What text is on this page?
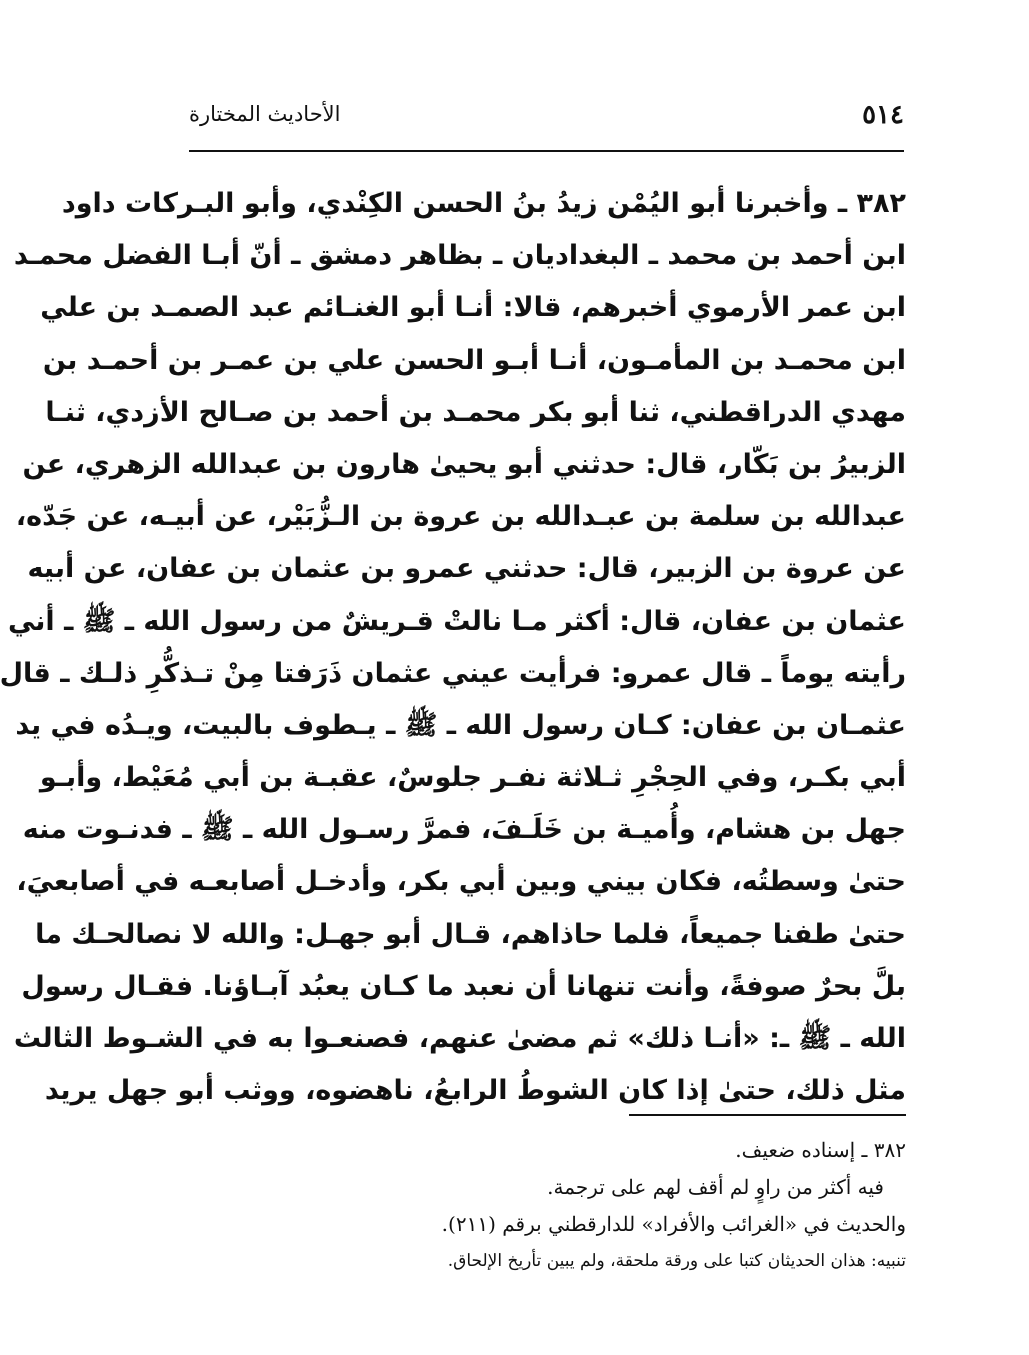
٥١٤
الأحاديث المختارة
٣٨٢ ـ وأخبرنا أبو اليُمْن زيدُ بنُ الحسن الكِنْدي، وأبو البـركات داود
ابن أحمد بن محمد ـ البغداديان ـ بظاهر دمشق ـ أنّ أبـا الفضل محمـد
ابن عمر الأرموي أخبرهم، قالا: أنـا أبو الغنـائم عبد الصمـد بن علي
ابن محمـد بن المأمـون، أنـا أبـو الحسن علي بن عمـر بن أحمـد بن
مهدي الدراقطني، ثنا أبو بكر محمـد بن أحمد بن صـالح الأزدي، ثنـا
الزبيرُ بن بَكّار، قال: حدثني أبو يحيىٰ هارون بن عبدالله الزهري، عن
عبدالله بن سلمة بن عبـدالله بن عروة بن الـزُّبَيْر، عن أبيـه، عن جَدّه،
عن عروة بن الزبير، قال: حدثني عمرو بن عثمان بن عفان، عن أبيه
عثمان بن عفان، قال: أكثر مـا نالتْ قـريشٌ من رسول الله ـ ﷺ ـ أني
رأيته يوماً ـ قال عمرو: فرأيت عيني عثمان ذَرَفتا مِنْ تـذكُّرِ ذلـك ـ قال
عثمـان بن عفان: كـان رسول الله ـ ﷺ ـ يـطوف بالبيت، ويـدُه في يد
أبي بكـر، وفي الحِجْرِ ثـلاثة نفـر جلوسٌ، عقبـة بن أبي مُعَيْط، وأبـو
جهل بن هشام، وأُميـة بن خَلَـفَ، فمرَّ رسـول الله ـ ﷺ ـ فدنـوت منه
حتىٰ وسطتُه، فكان بيني وبين أبي بكر، وأدخـل أصابعـه في أصابعيَ،
حتىٰ طفنا جميعاً، فلما حاذاهم، قـال أبو جهـل: والله لا نصالحـك ما
بلَّ بحرٌ صوفةً، وأنت تنهانا أن نعبد ما كـان يعبُد آبـاؤنا. فقـال رسول
الله ـ ﷺ ـ: «أنـا ذلك» ثم مضىٰ عنهم، فصنعـوا به في الشـوط الثالث
مثل ذلك، حتىٰ إذا كان الشوطُ الرابعُ، ناهضوه، ووثب أبو جهل يريد
٣٨٢ ـ إسناده ضعيف.
فيه أكثر من راوٍ لم أقف لهم على ترجمة.
والحديث في «الغرائب والأفراد» للدارقطني برقم (٢١١).
تنبيه: هذان الحديثان كتبا على ورقة ملحقة، ولم يبين تأريخ الإلحاق.
